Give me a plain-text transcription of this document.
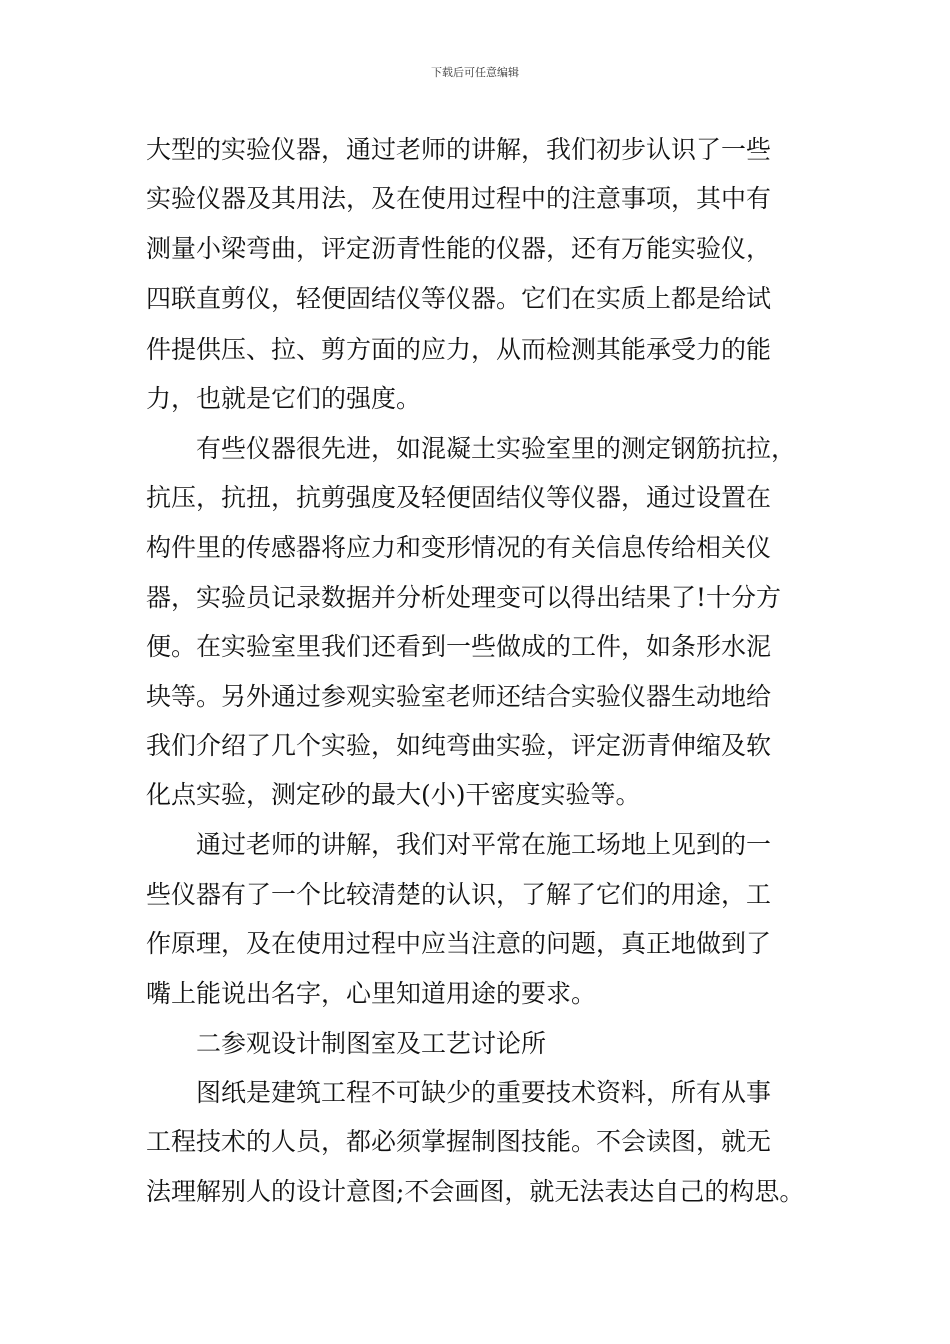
下载后可任意编辑
大型的实验仪器，通过老师的讲解，我们初步认识了一些
实验仪器及其用法，及在使用过程中的注意事项，其中有
测量小梁弯曲，评定沥青性能的仪器，还有万能实验仪，
四联直剪仪，轻便固结仪等仪器。它们在实质上都是给试
件提供压、拉、剪方面的应力，从而检测其能承受力的能
力，也就是它们的强度。
有些仪器很先进，如混凝土实验室里的测定钢筋抗拉，
抗压，抗扭，抗剪强度及轻便固结仪等仪器，通过设置在
构件里的传感器将应力和变形情况的有关信息传给相关仪
器，实验员记录数据并分析处理变可以得出结果了!十分方
便。在实验室里我们还看到一些做成的工件，如条形水泥
块等。另外通过参观实验室老师还结合实验仪器生动地给
我们介绍了几个实验，如纯弯曲实验，评定沥青伸缩及软
化点实验，测定砂的最大(小)干密度实验等。
通过老师的讲解，我们对平常在施工场地上见到的一
些仪器有了一个比较清楚的认识，了解了它们的用途，工
作原理，及在使用过程中应当注意的问题，真正地做到了
嘴上能说出名字，心里知道用途的要求。
二参观设计制图室及工艺讨论所
图纸是建筑工程不可缺少的重要技术资料，所有从事
工程技术的人员，都必须掌握制图技能。不会读图，就无
法理解别人的设计意图;不会画图，就无法表达自己的构思。
